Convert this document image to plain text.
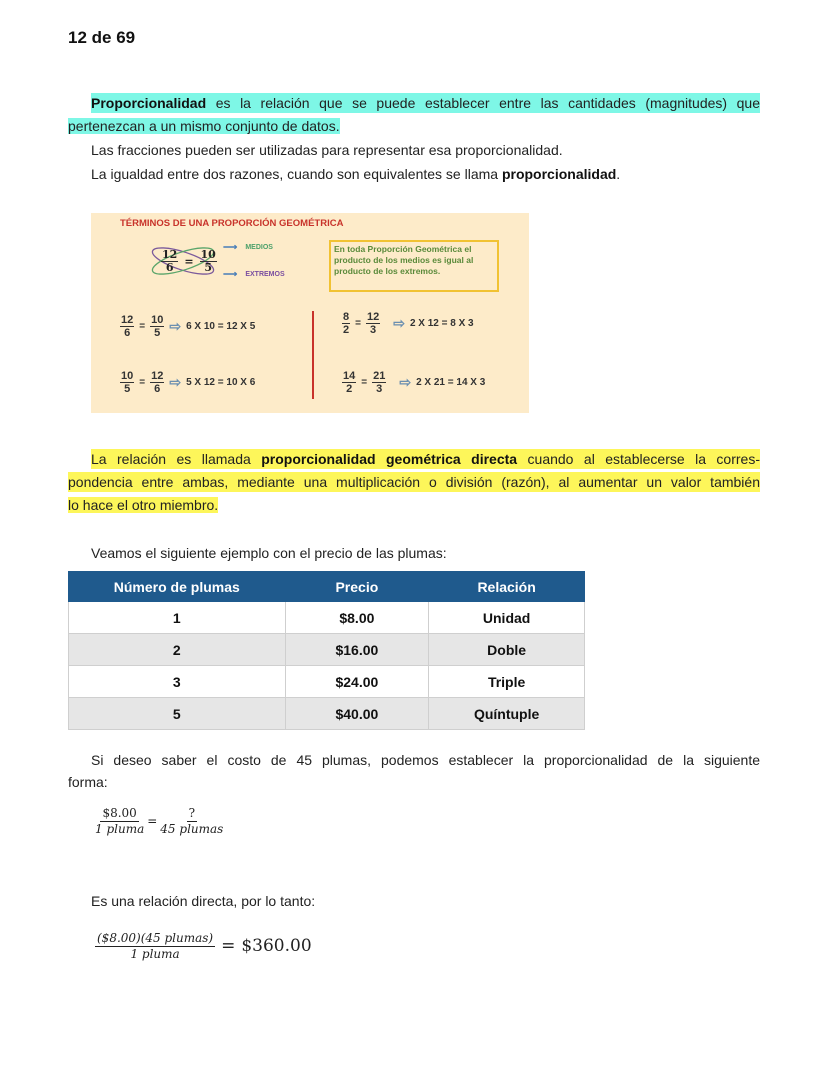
12 de 69
Proporcionalidad es la relación que se puede establecer entre las cantidades (magnitudes) que
pertenezcan a un mismo conjunto de datos.
Las fracciones pueden ser utilizadas para representar esa proporcionalidad.
La igualdad entre dos razones, cuando son equivalentes se llama proporcionalidad.
TÉRMINOS DE UNA PROPORCIÓN GEOMÉTRICA
$\frac{12}{6} = \frac{10}{5}$
⟶ MEDIOS
⟶ EXTREMOS
En toda Proporción Geométrica el producto de los medios es igual al producto de los extremos.
$\frac{12}{6} = \frac{10}{5}$ ⇨ 6 X 10 = 12 X 5
$\frac{10}{5} = \frac{12}{6}$ ⇨ 5 X 12 = 10 X 6
$\frac{8}{2} = \frac{12}{3}$ ⇨ 2 X 12 = 8 X 3
$\frac{14}{2} = \frac{21}{3}$ ⇨ 2 X 21 = 14 X 3
La relación es llamada proporcionalidad geométrica directa cuando al establecerse la corres-
pondencia entre ambas, mediante una multiplicación o división (razón), al aumentar un valor también
lo hace el otro miembro.
Veamos el siguiente ejemplo con el precio de las plumas:
Número de plumas	Precio	Relación
1	$8.00	Unidad
2	$16.00	Doble
3	$24.00	Triple
5	$40.00	Quíntuple
Si deseo saber el costo de 45 plumas, podemos establecer la proporcionalidad de la siguiente
forma:
$8.00
1 pluma
=
?
45 plumas
Es una relación directa, por lo tanto:
($8.00)(45 plumas)
1 pluma = $360.00
